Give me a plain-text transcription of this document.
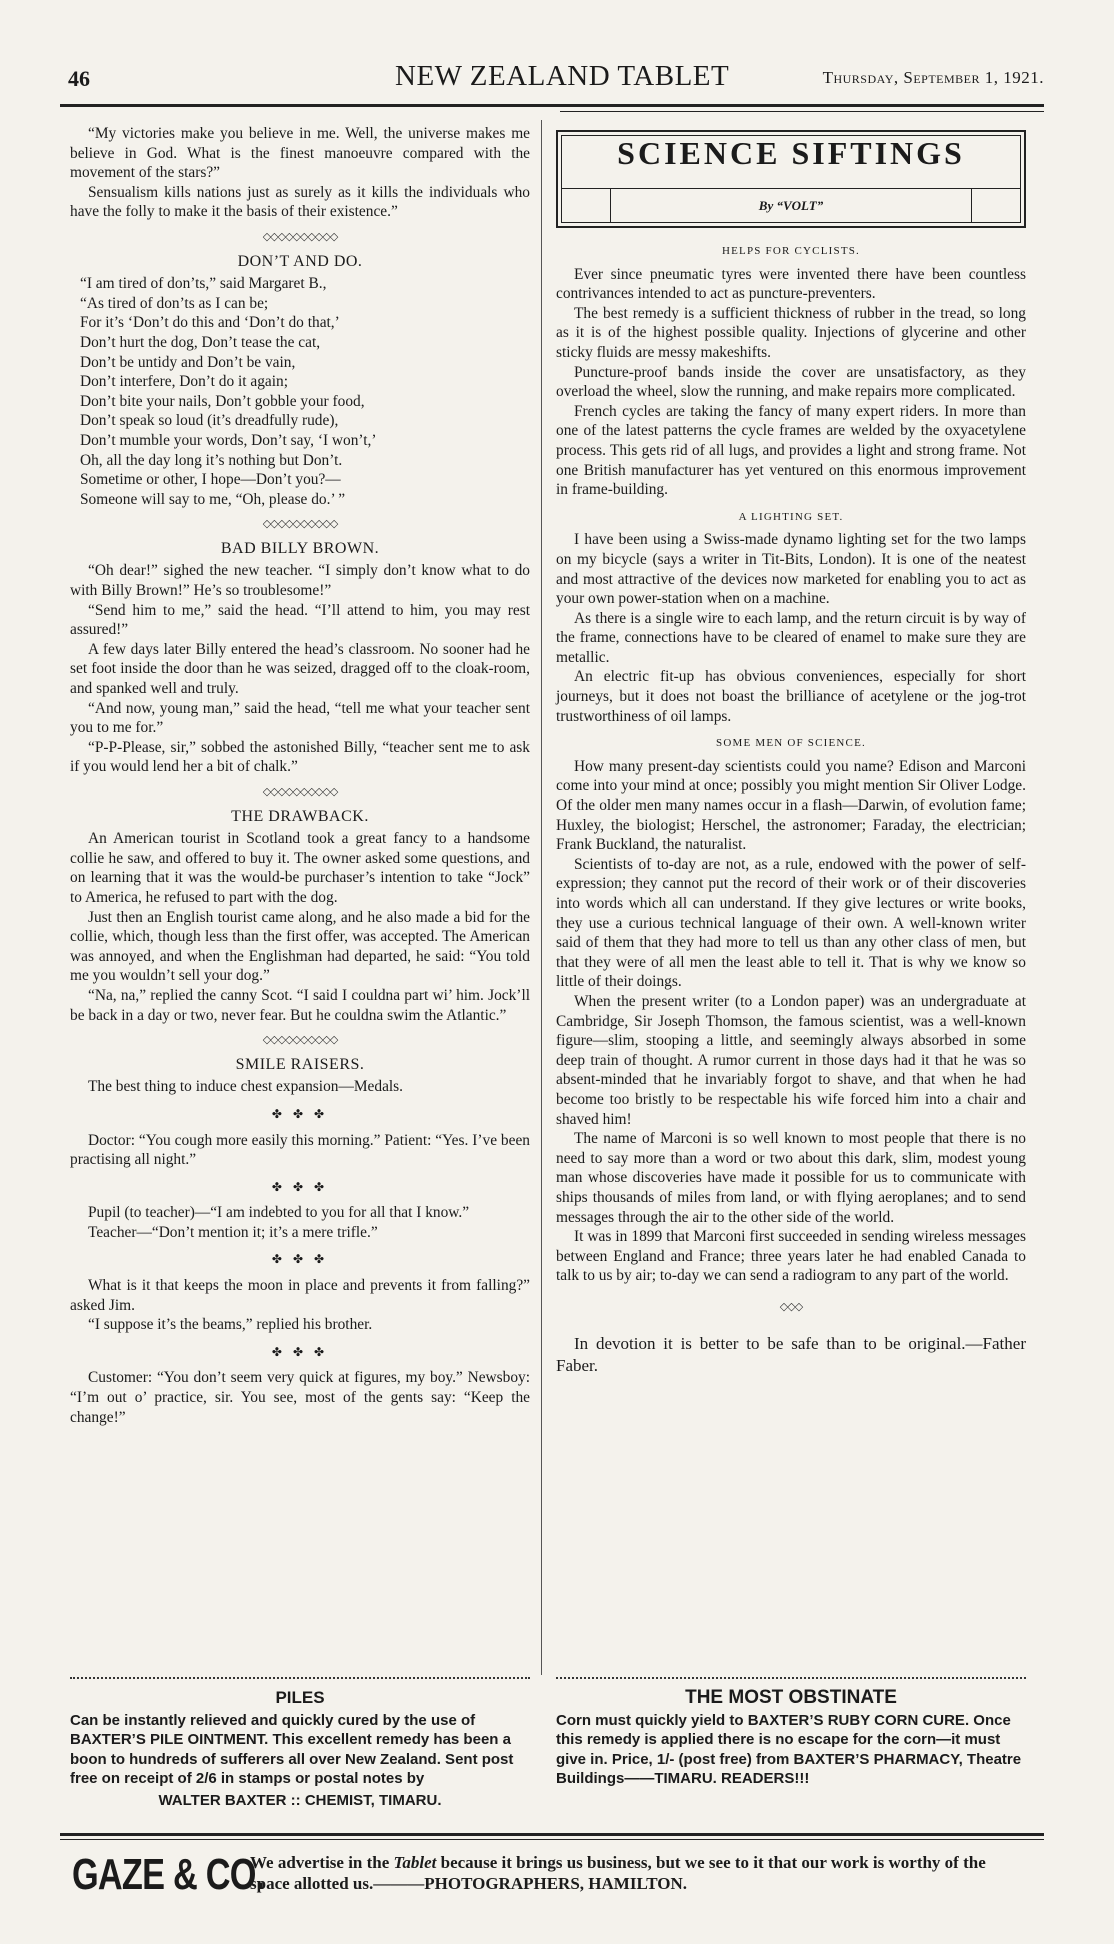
46	NEW ZEALAND TABLET	Thursday, September 1, 1921.

“My victories make you believe in me. Well, the universe makes me believe in God. What is the finest manoeuvre compared with the movement of the stars?”

Sensualism kills nations just as surely as it kills the individuals who have the folly to make it the basis of their existence.”

◇◇◇◇◇◇◇◇◇◇
DON’T AND DO.

“I am tired of don’ts,” said Margaret B.,

“As tired of don’ts as I can be;

For it’s ‘Don’t do this and ‘Don’t do that,’

Don’t hurt the dog, Don’t tease the cat,

Don’t be untidy and Don’t be vain,

Don’t interfere, Don’t do it again;

Don’t bite your nails, Don’t gobble your food,

Don’t speak so loud (it’s dreadfully rude),

Don’t mumble your words, Don’t say, ‘I won’t,’

Oh, all the day long it’s nothing but Don’t.

Sometime or other, I hope—Don’t you?—

Someone will say to me, “Oh, please do.’ ”

◇◇◇◇◇◇◇◇◇◇
BAD BILLY BROWN.

“Oh dear!” sighed the new teacher. “I simply don’t know what to do with Billy Brown!” He’s so troublesome!”

“Send him to me,” said the head. “I’ll attend to him, you may rest assured!”

A few days later Billy entered the head’s classroom. No sooner had he set foot inside the door than he was seized, dragged off to the cloak-room, and spanked well and truly.

“And now, young man,” said the head, “tell me what your teacher sent you to me for.”

“P-P-Please, sir,” sobbed the astonished Billy, “teacher sent me to ask if you would lend her a bit of chalk.”

◇◇◇◇◇◇◇◇◇◇
THE DRAWBACK.

An American tourist in Scotland took a great fancy to a handsome collie he saw, and offered to buy it. The owner asked some questions, and on learning that it was the would-be purchaser’s intention to take “Jock” to America, he refused to part with the dog.

Just then an English tourist came along, and he also made a bid for the collie, which, though less than the first offer, was accepted. The American was annoyed, and when the Englishman had departed, he said: “You told me you wouldn’t sell your dog.”

“Na, na,” replied the canny Scot. “I said I couldna part wi’ him. Jock’ll be back in a day or two, never fear. But he couldna swim the Atlantic.”

◇◇◇◇◇◇◇◇◇◇
SMILE RAISERS.

The best thing to induce chest expansion—Medals.

✤ ✤ ✤

Doctor: “You cough more easily this morning.” Patient: “Yes. I’ve been practising all night.”

✤ ✤ ✤

Pupil (to teacher)—“I am indebted to you for all that I know.”

Teacher—“Don’t mention it; it’s a mere trifle.”

✤ ✤ ✤

What is it that keeps the moon in place and prevents it from falling?” asked Jim.

“I suppose it’s the beams,” replied his brother.

✤ ✤ ✤

Customer: “You don’t seem very quick at figures, my boy.” Newsboy: “I’m out o’ practice, sir. You see, most of the gents say: “Keep the change!”

SCIENCE SIFTINGS
By “VOLT”
HELPS FOR CYCLISTS.

Ever since pneumatic tyres were invented there have been countless contrivances intended to act as puncture-preventers.

The best remedy is a sufficient thickness of rubber in the tread, so long as it is of the highest possible quality. Injections of glycerine and other sticky fluids are messy makeshifts.

Puncture-proof bands inside the cover are unsatisfactory, as they overload the wheel, slow the running, and make repairs more complicated.

French cycles are taking the fancy of many expert riders. In more than one of the latest patterns the cycle frames are welded by the oxyacetylene process. This gets rid of all lugs, and provides a light and strong frame. Not one British manufacturer has yet ventured on this enormous improvement in frame-building.

A LIGHTING SET.

I have been using a Swiss-made dynamo lighting set for the two lamps on my bicycle (says a writer in Tit-Bits, London). It is one of the neatest and most attractive of the devices now marketed for enabling you to act as your own power-station when on a machine.

As there is a single wire to each lamp, and the return circuit is by way of the frame, connections have to be cleared of enamel to make sure they are metallic.

An electric fit-up has obvious conveniences, especially for short journeys, but it does not boast the brilliance of acetylene or the jog-trot trustworthiness of oil lamps.

SOME MEN OF SCIENCE.

How many present-day scientists could you name? Edison and Marconi come into your mind at once; possibly you might mention Sir Oliver Lodge. Of the older men many names occur in a flash—Darwin, of evolution fame; Huxley, the biologist; Herschel, the astronomer; Faraday, the electrician; Frank Buckland, the naturalist.

Scientists of to-day are not, as a rule, endowed with the power of self-expression; they cannot put the record of their work or of their discoveries into words which all can understand. If they give lectures or write books, they use a curious technical language of their own. A well-known writer said of them that they had more to tell us than any other class of men, but that they were of all men the least able to tell it. That is why we know so little of their doings.

When the present writer (to a London paper) was an undergraduate at Cambridge, Sir Joseph Thomson, the famous scientist, was a well-known figure—slim, stooping a little, and seemingly always absorbed in some deep train of thought. A rumor current in those days had it that he was so absent-minded that he invariably forgot to shave, and that when he had become too bristly to be respectable his wife forced him into a chair and shaved him!

The name of Marconi is so well known to most people that there is no need to say more than a word or two about this dark, slim, modest young man whose discoveries have made it possible for us to communicate with ships thousands of miles from land, or with flying aeroplanes; and to send messages through the air to the other side of the world.

It was in 1899 that Marconi first succeeded in sending wireless messages between England and France; three years later he had enabled Canada to talk to us by air; to-day we can send a radiogram to any part of the world.

◇◇◇

In devotion it is better to be safe than to be original.—Father Faber.

PILES
Can be instantly relieved and quickly cured by the use of BAXTER’S PILE OINTMENT. This excellent remedy has been a boon to hundreds of sufferers all over New Zealand. Sent post free on receipt of 2/6 in stamps or postal notes by
WALTER BAXTER :: CHEMIST, TIMARU.
THE MOST OBSTINATE
Corn must quickly yield to BAXTER’S RUBY CORN CURE. Once this remedy is applied there is no escape for the corn—it must give in. Price, 1/- (post free) from BAXTER’S PHARMACY, Theatre Buildings——TIMARU. READERS!!!
GAZE & CO.
We advertise in the Tablet because it brings us business, but we see to it that our work is worthy of the space allotted us.———PHOTOGRAPHERS, HAMILTON.
